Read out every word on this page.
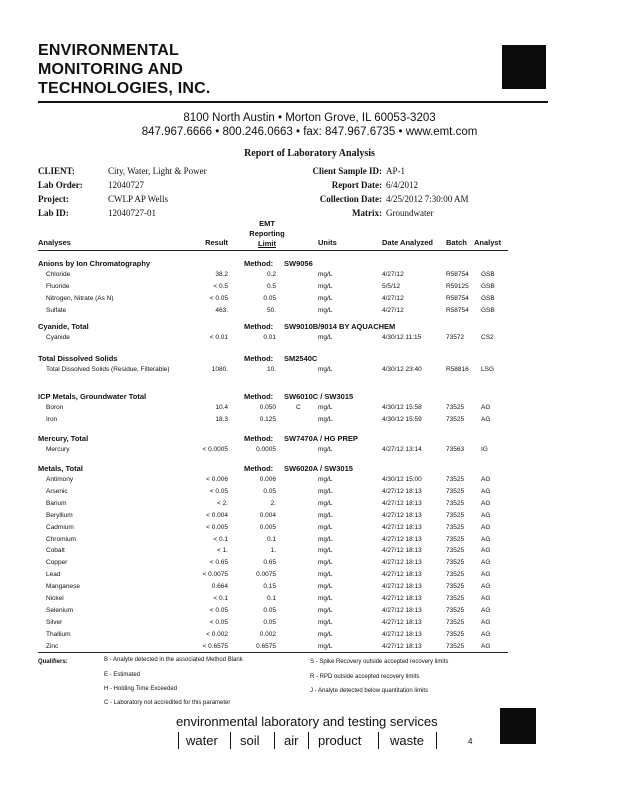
ENVIRONMENTAL
MONITORING AND
TECHNOLOGIES, INC.
8100 North Austin • Morton Grove, IL 60053-3203
847.967.6666 • 800.246.0663 • fax: 847.967.6735 • www.emt.com
Report of Laboratory Analysis
CLIENT:	City, Water, Light & Power
Lab Order:	12040727
Project:	CWLP AP Wells
Lab ID:	12040727-01
Client Sample ID: AP-1
Report Date: 6/4/2012
Collection Date: 4/25/2012 7:30:00 AM
Matrix: Groundwater
Analyses	Result
EMT
Reporting
Limit	Units	Date Analyzed Batch Analyst
Anions by Ion Chromatography	Method: SW9056
Chloride	38.2	0.2	mg/L	4/27/12	R58754	GSB
Fluoride	< 0.5	0.5	mg/L	5/5/12	R59125	GSB
Nitrogen, Nitrate (As N)	< 0.05	0.05	mg/L	4/27/12	R58754	GSB
Sulfate	463.	50.	mg/L	4/27/12	R58754	GSB
Cyanide, Total	Method: SW9010B/9014 BY AQUACHEM
Cyanide	< 0.01	0.01	mg/L	4/30/12 11:15	73572	CS2
Total Dissolved Solids	Method: SM2540C
Total Dissolved Solids (Residue, Filterable)	1080.	10.	mg/L	4/30/12 23:40	R58816	LSG
ICP Metals, Groundwater Total	Method: SW6010C / SW3015
Boron	10.4	0.050	C	mg/L	4/30/12 15:58	73525	AG
Iron	18.3	0.125	mg/L	4/30/12 15:59	73525	AG
Mercury, Total	Method: SW7470A / HG PREP
Mercury	< 0.0005	0.0005	mg/L	4/27/12 13:14	73563	IG
Metals, Total	Method: SW6020A / SW3015
Antimony	< 0.006	0.006	mg/L	4/30/12 15:00	73525	AG
Arsenic	< 0.05	0.05	mg/L	4/27/12 18:13	73525	AG
Barium	< 2.	2.	mg/L	4/27/12 18:13	73525	AG
Beryllium	< 0.004	0.004	mg/L	4/27/12 18:13	73525	AG
Cadmium	< 0.005	0.005	mg/L	4/27/12 18:13	73525	AG
Chromium	< 0.1	0.1	mg/L	4/27/12 18:13	73525	AG
Cobalt	< 1.	1.	mg/L	4/27/12 18:13	73525	AG
Copper	< 0.65	0.65	mg/L	4/27/12 18:13	73525	AG
Lead	< 0.0075	0.0075	mg/L	4/27/12 18:13	73525	AG
Manganese	0.664	0.15	mg/L	4/27/12 18:13	73525	AG
Nickel	< 0.1	0.1	mg/L	4/27/12 18:13	73525	AG
Selenium	< 0.05	0.05	mg/L	4/27/12 18:13	73525	AG
Silver	< 0.05	0.05	mg/L	4/27/12 18:13	73525	AG
Thallium	< 0.002	0.002	mg/L	4/27/12 18:13	73525	AG
Zinc	< 0.6575	0.6575	mg/L	4/27/12 18:13	73525	AG
Qualifiers:	B - Analyte detected in the associated Method Blank
E - Estimated
H - Holding Time Exceeded
C - Laboratory not accredited for this parameter
S - Spike Recovery outside accepted recovery limits
R - RPD outside accepted recovery limits
J - Analyte detected below quantitation limits
environmental laboratory and testing services
water soil air product waste	4
